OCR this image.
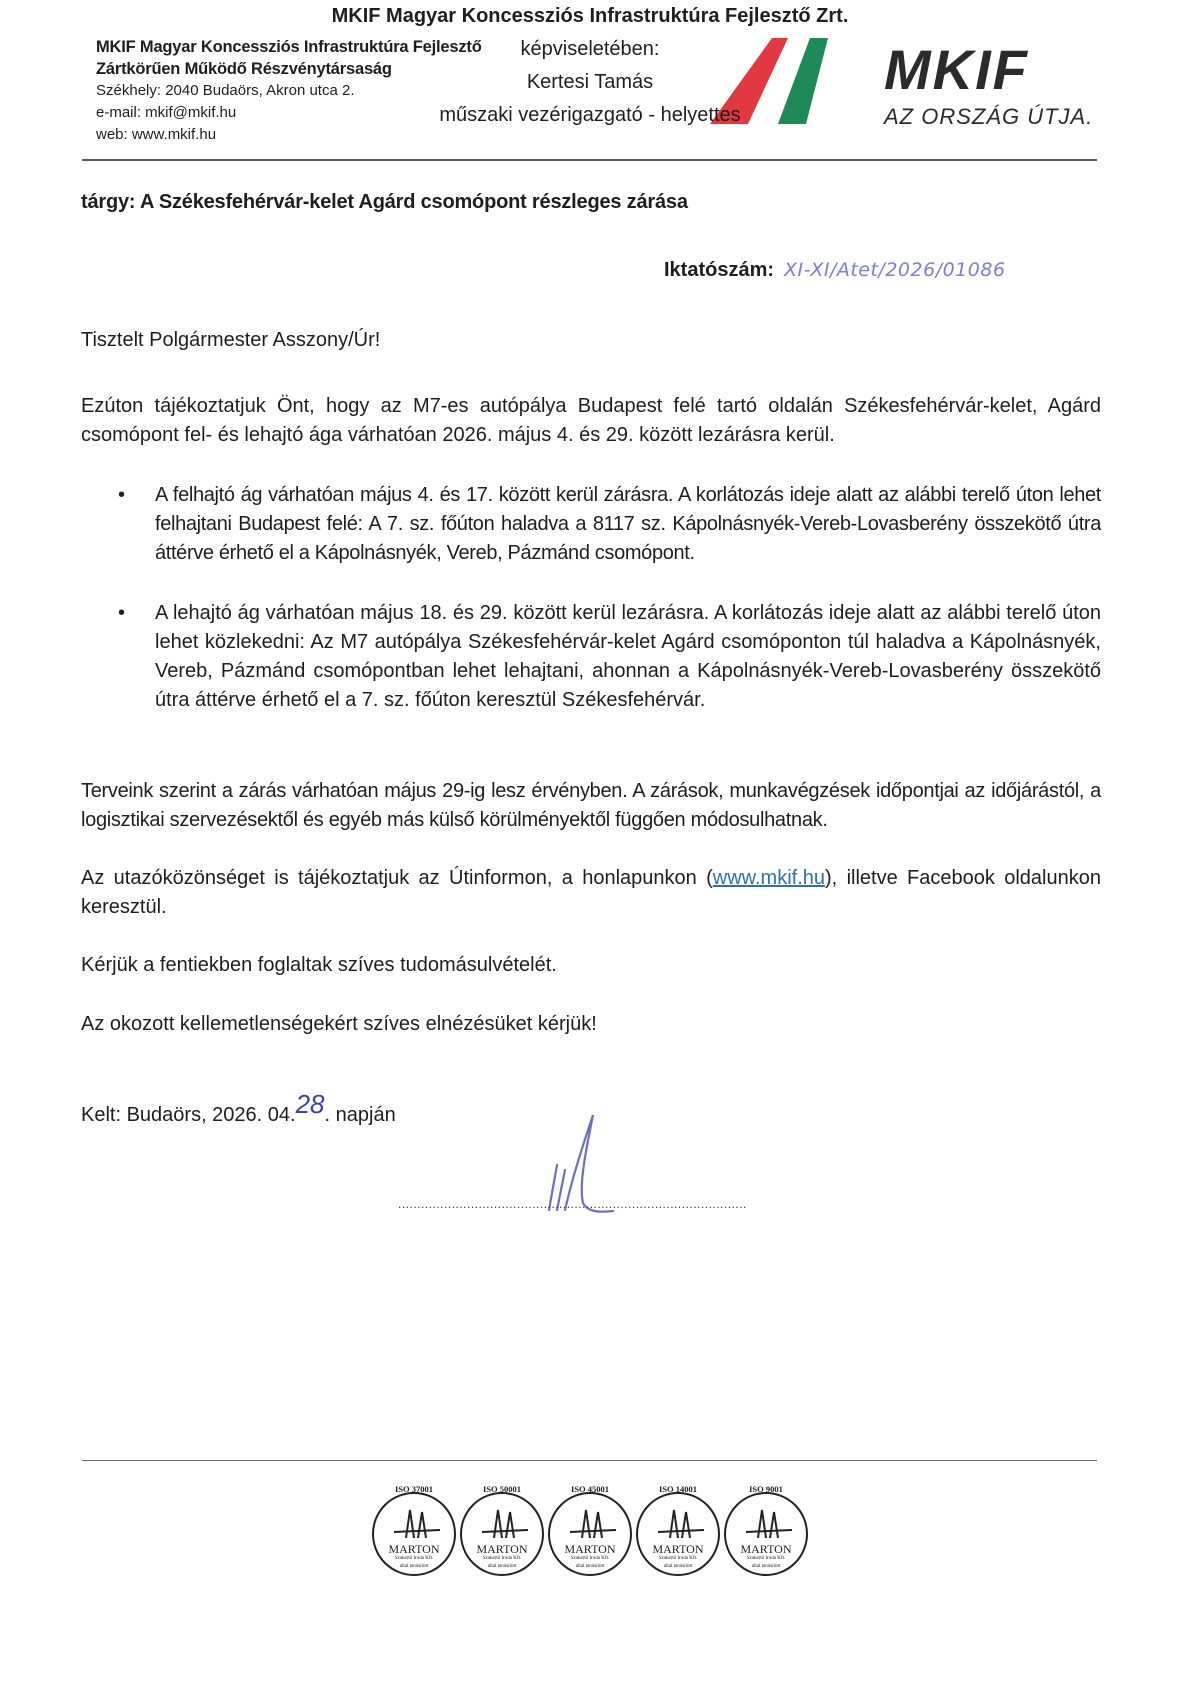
MKIF Magyar Koncessziós Infrastruktúra Fejlesztő
Zártkörűen Működő Részvénytársaság
Székhely: 2040 Budaörs, Akron utca 2.
e-mail: mkif@mkif.hu
web: www.mkif.hu
MKIF
AZ ORSZÁG ÚTJA.
tárgy: A Székesfehérvár-kelet Agárd csomópont részleges zárása
Iktatószám: XI-XI/Atet/2026/01086
Tisztelt Polgármester Asszony/Úr!
Ezúton tájékoztatjuk Önt, hogy az M7-es autópálya Budapest felé tartó oldalán Székesfehérvár-kelet, Agárd csomópont fel- és lehajtó ága várhatóan 2026. május 4. és 29. között lezárásra kerül.
• A felhajtó ág várhatóan május 4. és 17. között kerül zárásra. A korlátozás ideje alatt az alábbi terelő úton lehet felhajtani Budapest felé: A 7. sz. főúton haladva a 8117 sz. Kápolnásnyék-Vereb-Lovasberény összekötő útra áttérve érhető el a Kápolnásnyék, Vereb, Pázmánd csomópont.
• A lehajtó ág várhatóan május 18. és 29. között kerül lezárásra. A korlátozás ideje alatt az alábbi terelő úton lehet közlekedni: Az M7 autópálya Székesfehérvár-kelet Agárd csomóponton túl haladva a Kápolnásnyék, Vereb, Pázmánd csomópontban lehet lehajtani, ahonnan a Kápolnásnyék-Vereb-Lovasberény összekötő útra áttérve érhető el a 7. sz. főúton keresztül Székesfehérvár.
Terveink szerint a zárás várhatóan május 29-ig lesz érvényben. A zárások, munkavégzések időpontjai az időjárástól, a logisztikai szervezésektől és egyéb más külső körülményektől függően módosulhatnak.
Az utazóközönséget is tájékoztatjuk az Útinformon, a honlapunkon (www.mkif.hu), illetve Facebook oldalunkon keresztül.
Kérjük a fentiekben foglaltak szíves tudomásulvételét.
Az okozott kellemetlenségekért szíves elnézésüket kérjük!
Kelt: Budaörs, 2026. 04.28. napján
...........................................................................................
MKIF Magyar Koncessziós Infrastruktúra Fejlesztő Zrt.
képviseletében:
Kertesi Tamás
műszaki vezérigazgató - helyettes
ISO 37001
MARTON
Szakértő Iroda Kft.
által tanúsított
ISO 50001
MARTON
Szakértő Iroda Kft.
által tanúsított
ISO 45001
MARTON
Szakértő Iroda Kft.
által tanúsított
ISO 14001
MARTON
Szakértő Iroda Kft.
által tanúsított
ISO 9001
MARTON
Szakértő Iroda Kft.
által tanúsított
